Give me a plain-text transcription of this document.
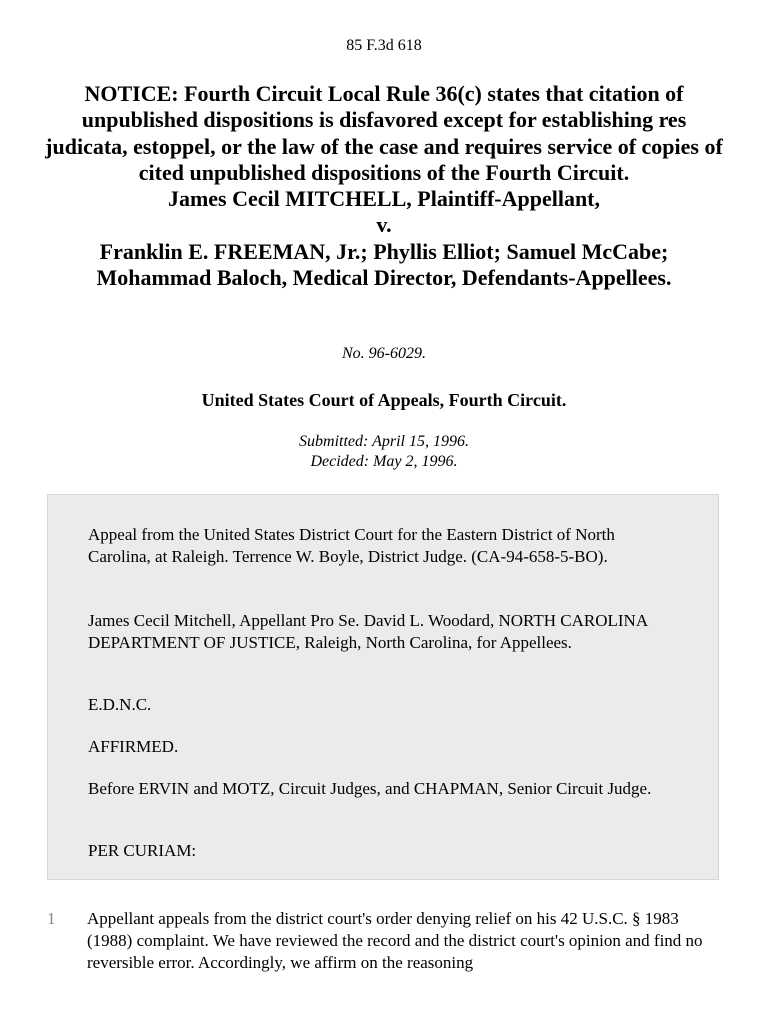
85 F.3d 618
NOTICE: Fourth Circuit Local Rule 36(c) states that citation of unpublished dispositions is disfavored except for establishing res judicata, estoppel, or the law of the case and requires service of copies of cited unpublished dispositions of the Fourth Circuit.
James Cecil MITCHELL, Plaintiff-Appellant,
v.
Franklin E. FREEMAN, Jr.; Phyllis Elliot; Samuel McCabe; Mohammad Baloch, Medical Director, Defendants-Appellees.
No. 96-6029.
United States Court of Appeals, Fourth Circuit.
Submitted: April 15, 1996.
Decided: May 2, 1996.

Appeal from the United States District Court for the Eastern District of North Carolina, at Raleigh. Terrence W. Boyle, District Judge. (CA-94-658-5-BO).

James Cecil Mitchell, Appellant Pro Se. David L. Woodard, NORTH CAROLINA DEPARTMENT OF JUSTICE, Raleigh, North Carolina, for Appellees.

E.D.N.C.

AFFIRMED.

Before ERVIN and MOTZ, Circuit Judges, and CHAPMAN, Senior Circuit Judge.

PER CURIAM:

1 Appellant appeals from the district court's order denying relief on his 42 U.S.C. § 1983 (1988) complaint. We have reviewed the record and the district court's opinion and find no reversible error. Accordingly, we affirm on the reasoning
